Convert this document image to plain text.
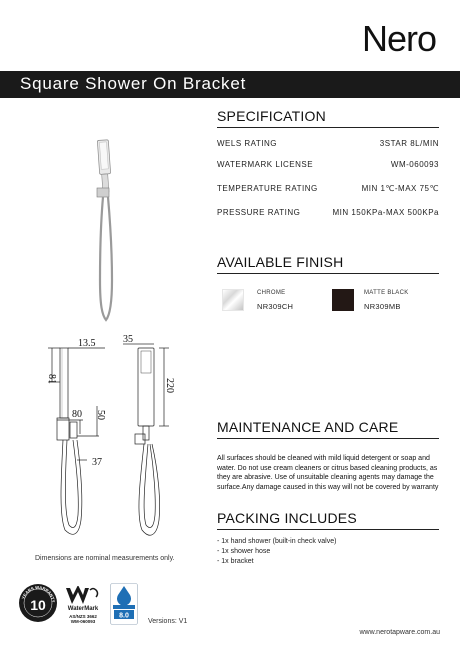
Nero
Square Shower On Bracket
13.5
81
80 50
37
35
220
Dimensions are nominal measurements only.
SPECIFICATION
WELS RATING	3STAR 8L/MIN
WATERMARK LICENSE	WM-060093
TEMPERATURE RATING	MIN 1℃-MAX 75℃
PRESSURE RATING	MIN 150KPa-MAX 500KPa
AVAILABLE FINISH
CHROME
NR309CH
MATTE BLACK
NR309MB
MAINTENANCE AND CARE
All surfaces should be cleaned with mild liquid detergent or soap and water. Do not use cream cleaners or citrus based cleaning products, as they are abrasive. Use of unsuitable cleaning agents may damage the surface.Any damage caused in this way will not be covered by warranty
PACKING INCLUDES
- 1x hand shower (built-in check valve)
- 1x shower hose
- 1x bracket
YEARS WARRANTY
10	WaterMark
AS/NZS 3662
WM-060093
8.0
Versions: V1
www.nerotapware.com.au
